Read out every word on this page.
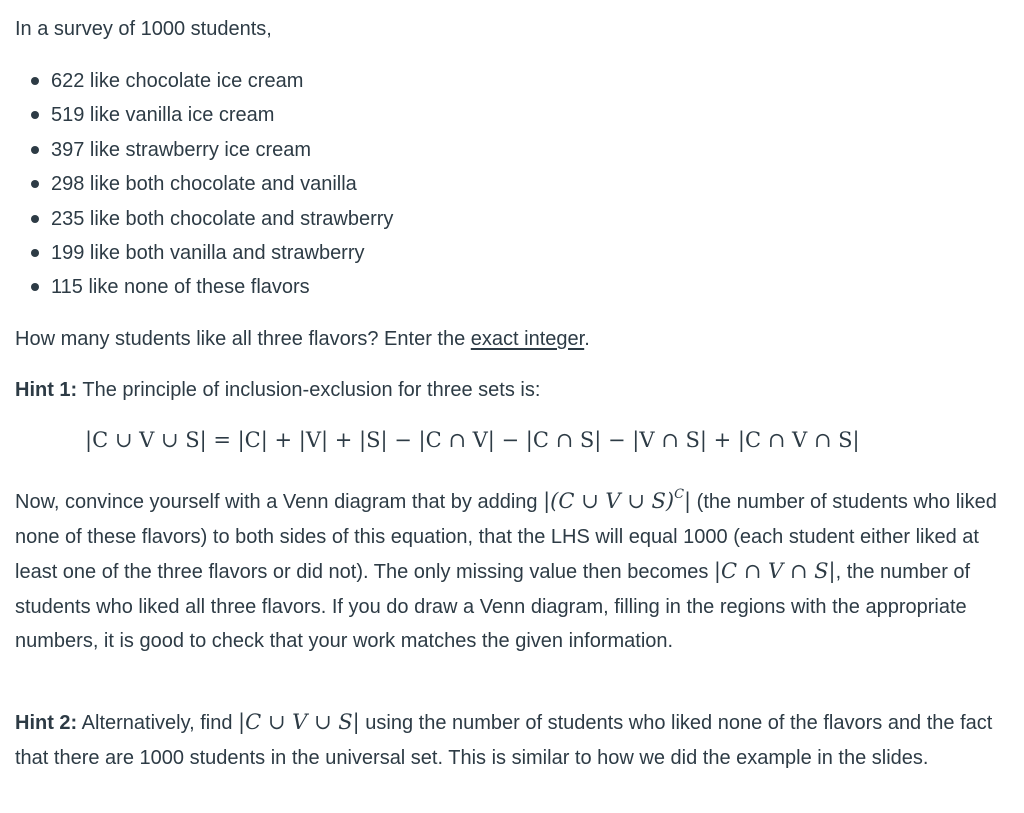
In a survey of 1000 students,
622 like chocolate ice cream
519 like vanilla ice cream
397 like strawberry ice cream
298 like both chocolate and vanilla
235 like both chocolate and strawberry
199 like both vanilla and strawberry
115 like none of these flavors
How many students like all three flavors? Enter the exact integer.
Hint 1: The principle of inclusion-exclusion for three sets is:
|C ∪ V ∪ S| = |C| + |V| + |S| − |C ∩ V| − |C ∩ S| − |V ∩ S| + |C ∩ V ∩ S|
Now, convince yourself with a Venn diagram that by adding |(C ∪ V ∪ S)$^C$| (the number of students who liked none of these flavors) to both sides of this equation, that the LHS will equal 1000 (each student either liked at least one of the three flavors or did not). The only missing value then becomes |C ∩ V ∩ S|, the number of students who liked all three flavors. If you do draw a Venn diagram, filling in the regions with the appropriate numbers, it is good to check that your work matches the given information.
Hint 2: Alternatively, find |C ∪ V ∪ S| using the number of students who liked none of the flavors and the fact that there are 1000 students in the universal set. This is similar to how we did the example in the slides.
